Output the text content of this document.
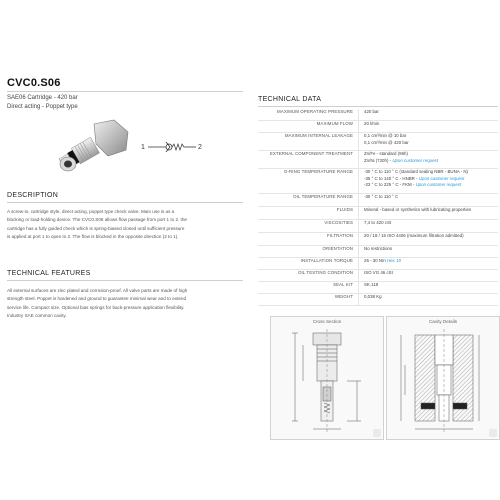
CVC0.S06
SAE06 Cartridge - 420 bar
Direct acting - Poppet type
1	2
DESCRIPTION

A screw-in, cartridge style, direct acting, poppet type check valve. Main use is as a

blocking or load-holding device. The CVC0.S06 allows flow passage from port 1 to 2. the

cartridge has a fully guided check which is spring-biased closed until sufficient pressure

is applied at port 1 to open to 2. The flow is blocked in the opposite direction (2 to 1).

TECHNICAL FEATURES

All external surfaces are zinc plated and corrosion-proof. All valve parts are made of high

strength steel. Poppet is hardened and ground to guarantee minimal wear and to extend

service life. Compact size. Optional bias springs for back-pressure application flexibility.

Industry SAE common cavity.

TECHNICAL DATA
MAXIMUM OPERATING PRESSURE	420 bar
MAXIMUM FLOW	20 l/min
MAXIMUM INTERNAL LEAKAGE	0,1 cm³/min @ 10 bar
0,1 cm³/min @ 420 bar
EXTERNAL COMPONENT TREATMENT	Zn/Fe - standard (96h)
Zn/Ni (720h) - Upon customer request
O-RING TEMPERATURE RANGE	-30 ° C to 110 ° C (standard sealing NBR - BUNA - N)
-35 ° C to 140 ° C - HNBR - Upon customer request
-23 ° C to 225 ° C - FKM - Upon customer request
OIL TEMPERATURE RANGE	-30 ° C to 110 ° C
FLUIDS	Mineral - based or synthetics with lubricating properties
VISCOSITIES	7,4 to 420 cSt
FILTRATION	20 / 18 / 15 ISO 4406 (maximum filtration admitted)
ORIENTATION	No restrictions
INSTALLATION TORQUE	25 - 30 Nm Hex 19
OIL TESTING CONDITION	ISO VG 46 cSt
SEAL KIT	SK.118
WEIGHT	0,038 Kg
Cross Section	Cavity Details
